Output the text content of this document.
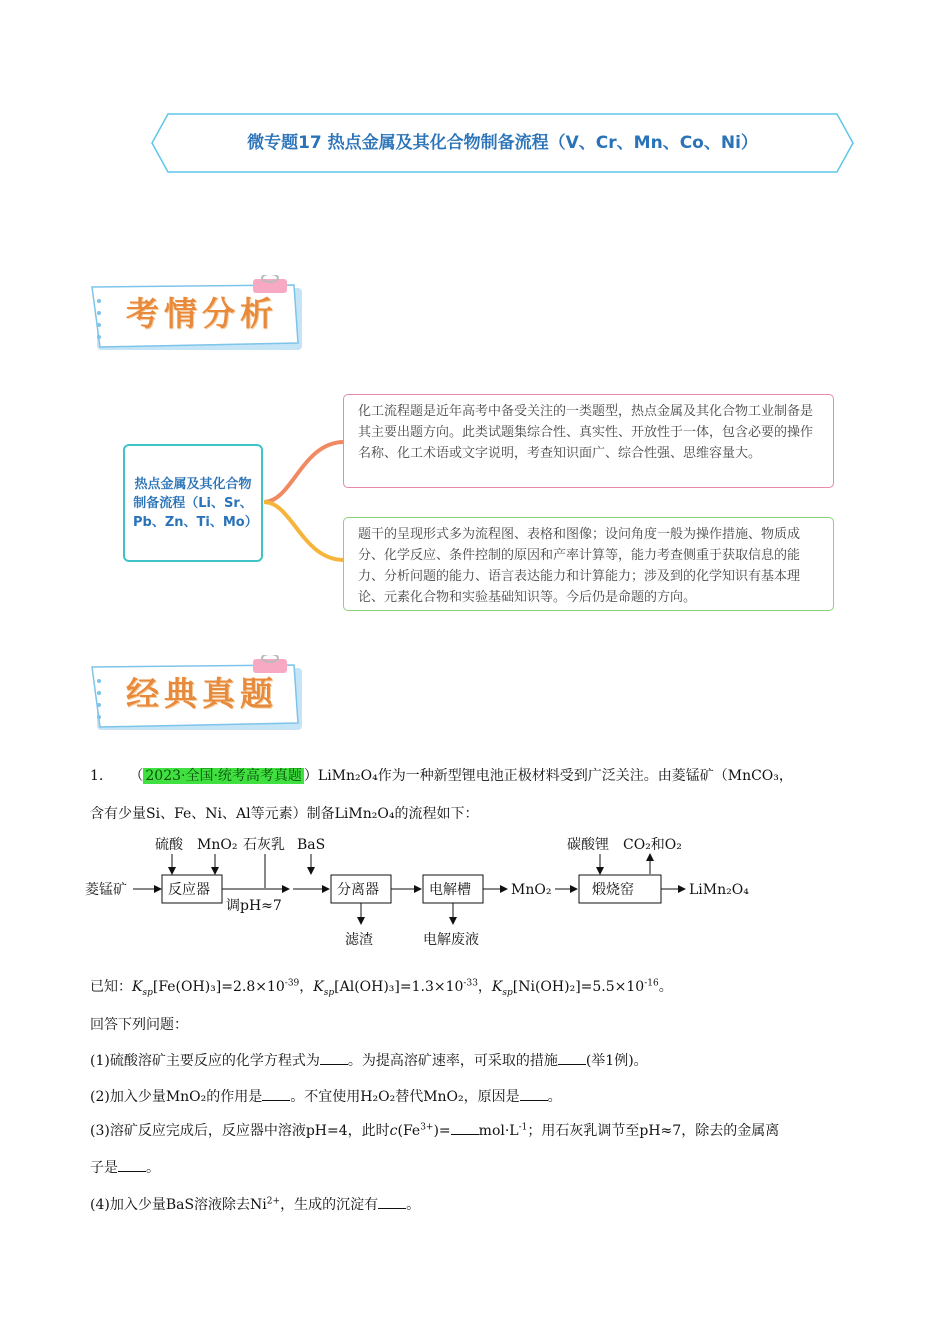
微专题17 热点金属及其化合物制备流程（V、Cr、Mn、Co、Ni）
考情分析
热点金属及其化合物制备流程（Li、Sr、Pb、Zn、Ti、Mo）
化工流程题是近年高考中备受关注的一类题型，热点金属及其化合物工业制备是其主要出题方向。此类试题集综合性、真实性、开放性于一体，包含必要的操作名称、化工术语或文字说明，考查知识面广、综合性强、思维容量大。
题干的呈现形式多为流程图、表格和图像；设问角度一般为操作措施、物质成分、化学反应、条件控制的原因和产率计算等，能力考查侧重于获取信息的能力、分析问题的能力、语言表达能力和计算能力；涉及到的化学知识有基本理论、元素化合物和实验基础知识等。今后仍是命题的方向。
经典真题
1． （ 2023·全国·统考高考真题 ）LiMn₂O₄作为一种新型锂电池正极材料受到广泛关注。由菱锰矿（MnCO₃，
含有少量Si、Fe、Ni、Al等元素）制备LiMn₂O₄的流程如下：
菱锰矿	反应器
硫酸 MnO₂ 石灰乳 BaS
调pH≈7
分离器
滤渣
电解槽
电解废液
MnO₂	煅烧窑
碳酸锂 CO₂和O₂
LiMn₂O₄
已知：$K_{sp}[Fe(OH)_3]=2.8\times 10^{-39}$，$K_{sp}[Al(OH)_3]=1.3\times 10^{-33}$，$K_{sp}[Ni(OH)_2]=5.5\times 10^{-16}$。
回答下列问题：
(1)硫酸溶矿主要反应的化学方程式为 。为提高溶矿速率，可采取的措施 (举1例)。
(2)加入少量MnO₂的作用是 。不宜使用H₂O₂替代MnO₂，原因是 。
(3)溶矿反应完成后，反应器中溶液pH=4，此时$c(Fe^{3+})= mol\cdot L^{-1}$；用石灰乳调节至pH≈7，除去的金属离
子是 。
(4)加入少量BaS溶液除去$Ni^{2+}$，生成的沉淀有 。
